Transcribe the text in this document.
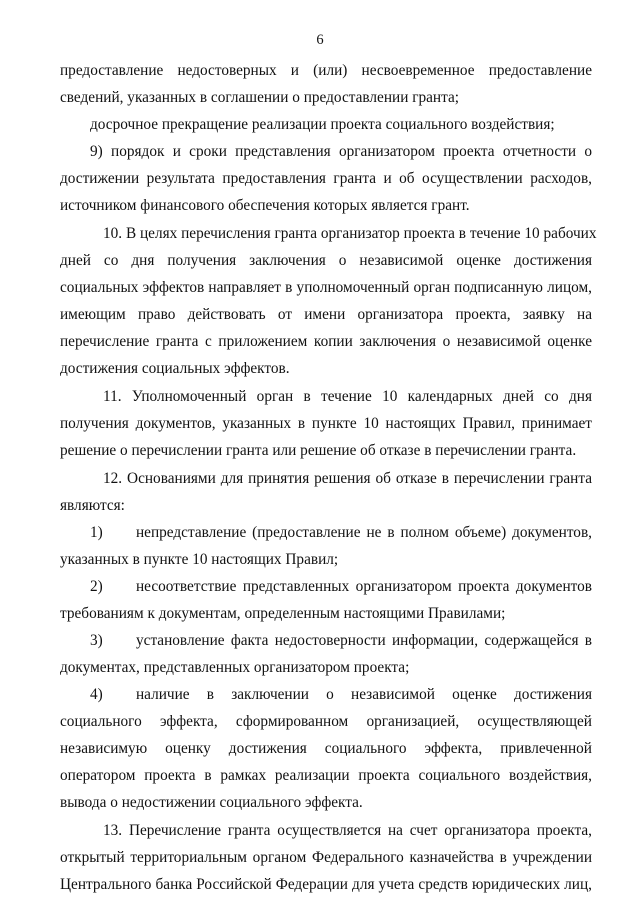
6
предоставление недостоверных и (или) несвоевременное предоставление
сведений, указанных в соглашении о предоставлении гранта;
досрочное прекращение реализации проекта социального воздействия;
9) порядок и сроки представления организатором проекта отчетности о
достижении результата предоставления гранта и об осуществлении расходов,
источником финансового обеспечения которых является грант.
10. В целях перечисления гранта организатор проекта в течение 10 рабочих
дней со дня получения заключения о независимой оценке достижения
социальных эффектов направляет в уполномоченный орган подписанную лицом,
имеющим право действовать от имени организатора проекта, заявку на
перечисление гранта с приложением копии заключения о независимой оценке
достижения социальных эффектов.
11. Уполномоченный орган в течение 10 календарных дней со дня
получения документов, указанных в пункте 10 настоящих Правил, принимает
решение о перечислении гранта или решение об отказе в перечислении гранта.
12. Основаниями для принятия решения об отказе в перечислении гранта
являются:
1)	непредставление (предоставление не в полном объеме) документов,
указанных в пункте 10 настоящих Правил;
2)	несоответствие представленных организатором проекта документов
требованиям к документам, определенным настоящими Правилами;
3)	установление факта недостоверности информации, содержащейся в
документах, представленных организатором проекта;
4)	наличие в заключении о независимой оценке достижения
социального эффекта, сформированном организацией, осуществляющей
независимую оценку достижения социального эффекта, привлеченной
оператором проекта в рамках реализации проекта социального воздействия,
вывода о недостижении социального эффекта.
13. Перечисление гранта осуществляется на счет организатора проекта,
открытый территориальным органом Федерального казначейства в учреждении
Центрального банка Российской Федерации для учета средств юридических лиц,
